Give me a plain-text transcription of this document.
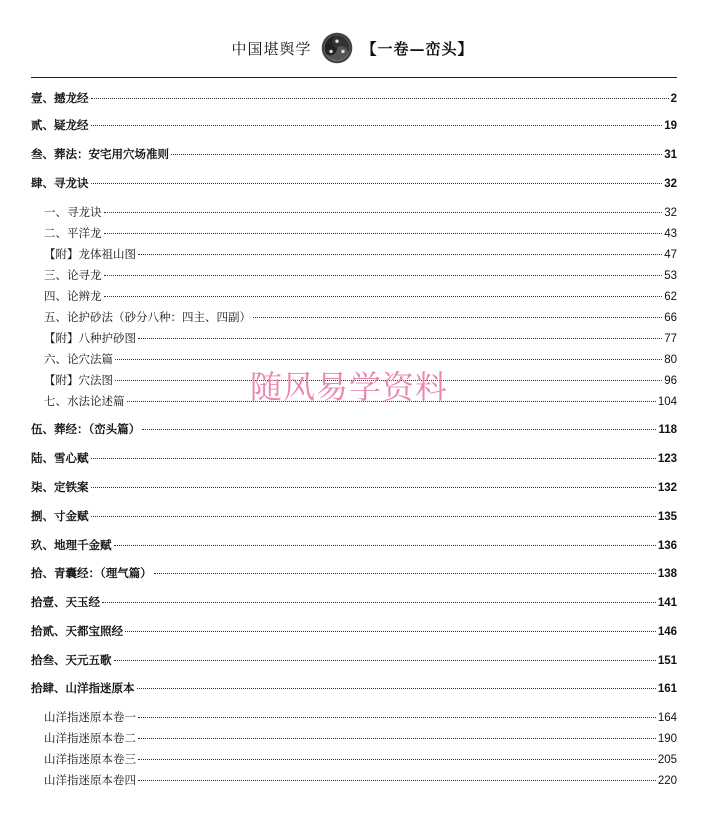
中国堪舆学	【一卷—峦头】
壹、撼龙经	2
贰、疑龙经	19
叁、葬法：安宅用穴场准则	31
肆、寻龙诀	32
一、寻龙诀	32
二、平洋龙	43
【附】龙体祖山图	47
三、论寻龙	53
四、论辨龙	62
五、论护砂法（砂分八种：四主、四副）	66
【附】八种护砂图	77
六、论穴法篇	80
【附】穴法图	96
七、水法论述篇	104
伍、葬经：（峦头篇）	118
陆、雪心赋	123
柒、定铁案	132
捌、寸金赋	135
玖、地理千金赋	136
拾、青囊经：（理气篇）	138
拾壹、天玉经	141
拾贰、天都宝照经	146
拾叁、天元五歌	151
拾肆、山洋指迷原本	161
山洋指迷原本卷一	164
山洋指迷原本卷二	190
山洋指迷原本卷三	205
山洋指迷原本卷四	220
随风易学资料
